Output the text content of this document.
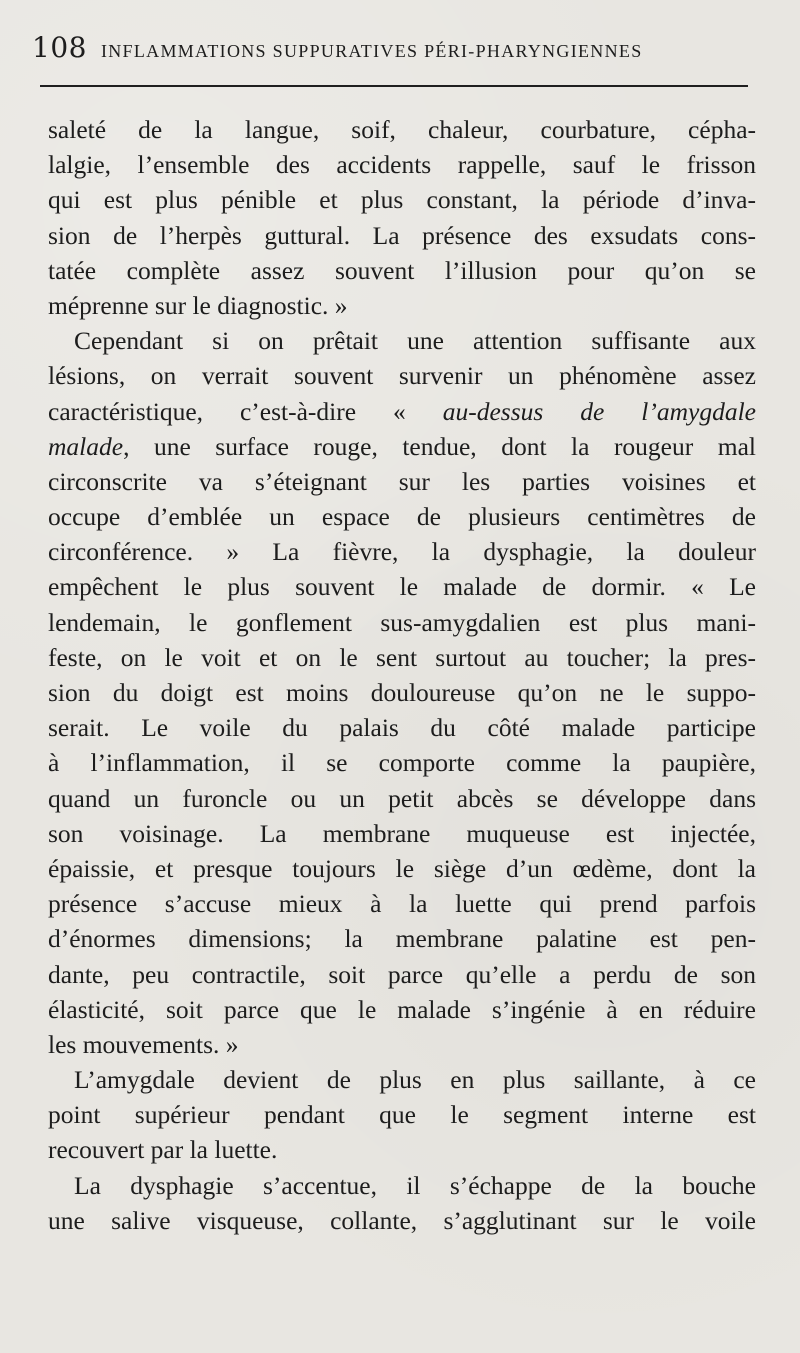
108 INFLAMMATIONS SUPPURATIVES PÉRI-PHARYNGIENNES
saleté de la langue, soif, chaleur, courbature, cépha-
lalgie, l’ensemble des accidents rappelle, sauf le frisson
qui est plus pénible et plus constant, la période d’inva-
sion de l’herpès guttural. La présence des exsudats cons-
tatée complète assez souvent l’illusion pour qu’on se
méprenne sur le diagnostic. »
Cependant si on prêtait une attention suffisante aux
lésions, on verrait souvent survenir un phénomène assez
caractéristique, c’est-à-dire « au-dessus de l’amygdale
malade, une surface rouge, tendue, dont la rougeur mal
circonscrite va s’éteignant sur les parties voisines et
occupe d’emblée un espace de plusieurs centimètres de
circonférence. » La fièvre, la dysphagie, la douleur
empêchent le plus souvent le malade de dormir. « Le
lendemain, le gonflement sus-amygdalien est plus mani-
feste, on le voit et on le sent surtout au toucher; la pres-
sion du doigt est moins douloureuse qu’on ne le suppo-
serait. Le voile du palais du côté malade participe
à l’inflammation, il se comporte comme la paupière,
quand un furoncle ou un petit abcès se développe dans
son voisinage. La membrane muqueuse est injectée,
épaissie, et presque toujours le siège d’un œdème, dont la
présence s’accuse mieux à la luette qui prend parfois
d’énormes dimensions; la membrane palatine est pen-
dante, peu contractile, soit parce qu’elle a perdu de son
élasticité, soit parce que le malade s’ingénie à en réduire
les mouvements. »
L’amygdale devient de plus en plus saillante, à ce
point supérieur pendant que le segment interne est
recouvert par la luette.
La dysphagie s’accentue, il s’échappe de la bouche
une salive visqueuse, collante, s’agglutinant sur le voile
